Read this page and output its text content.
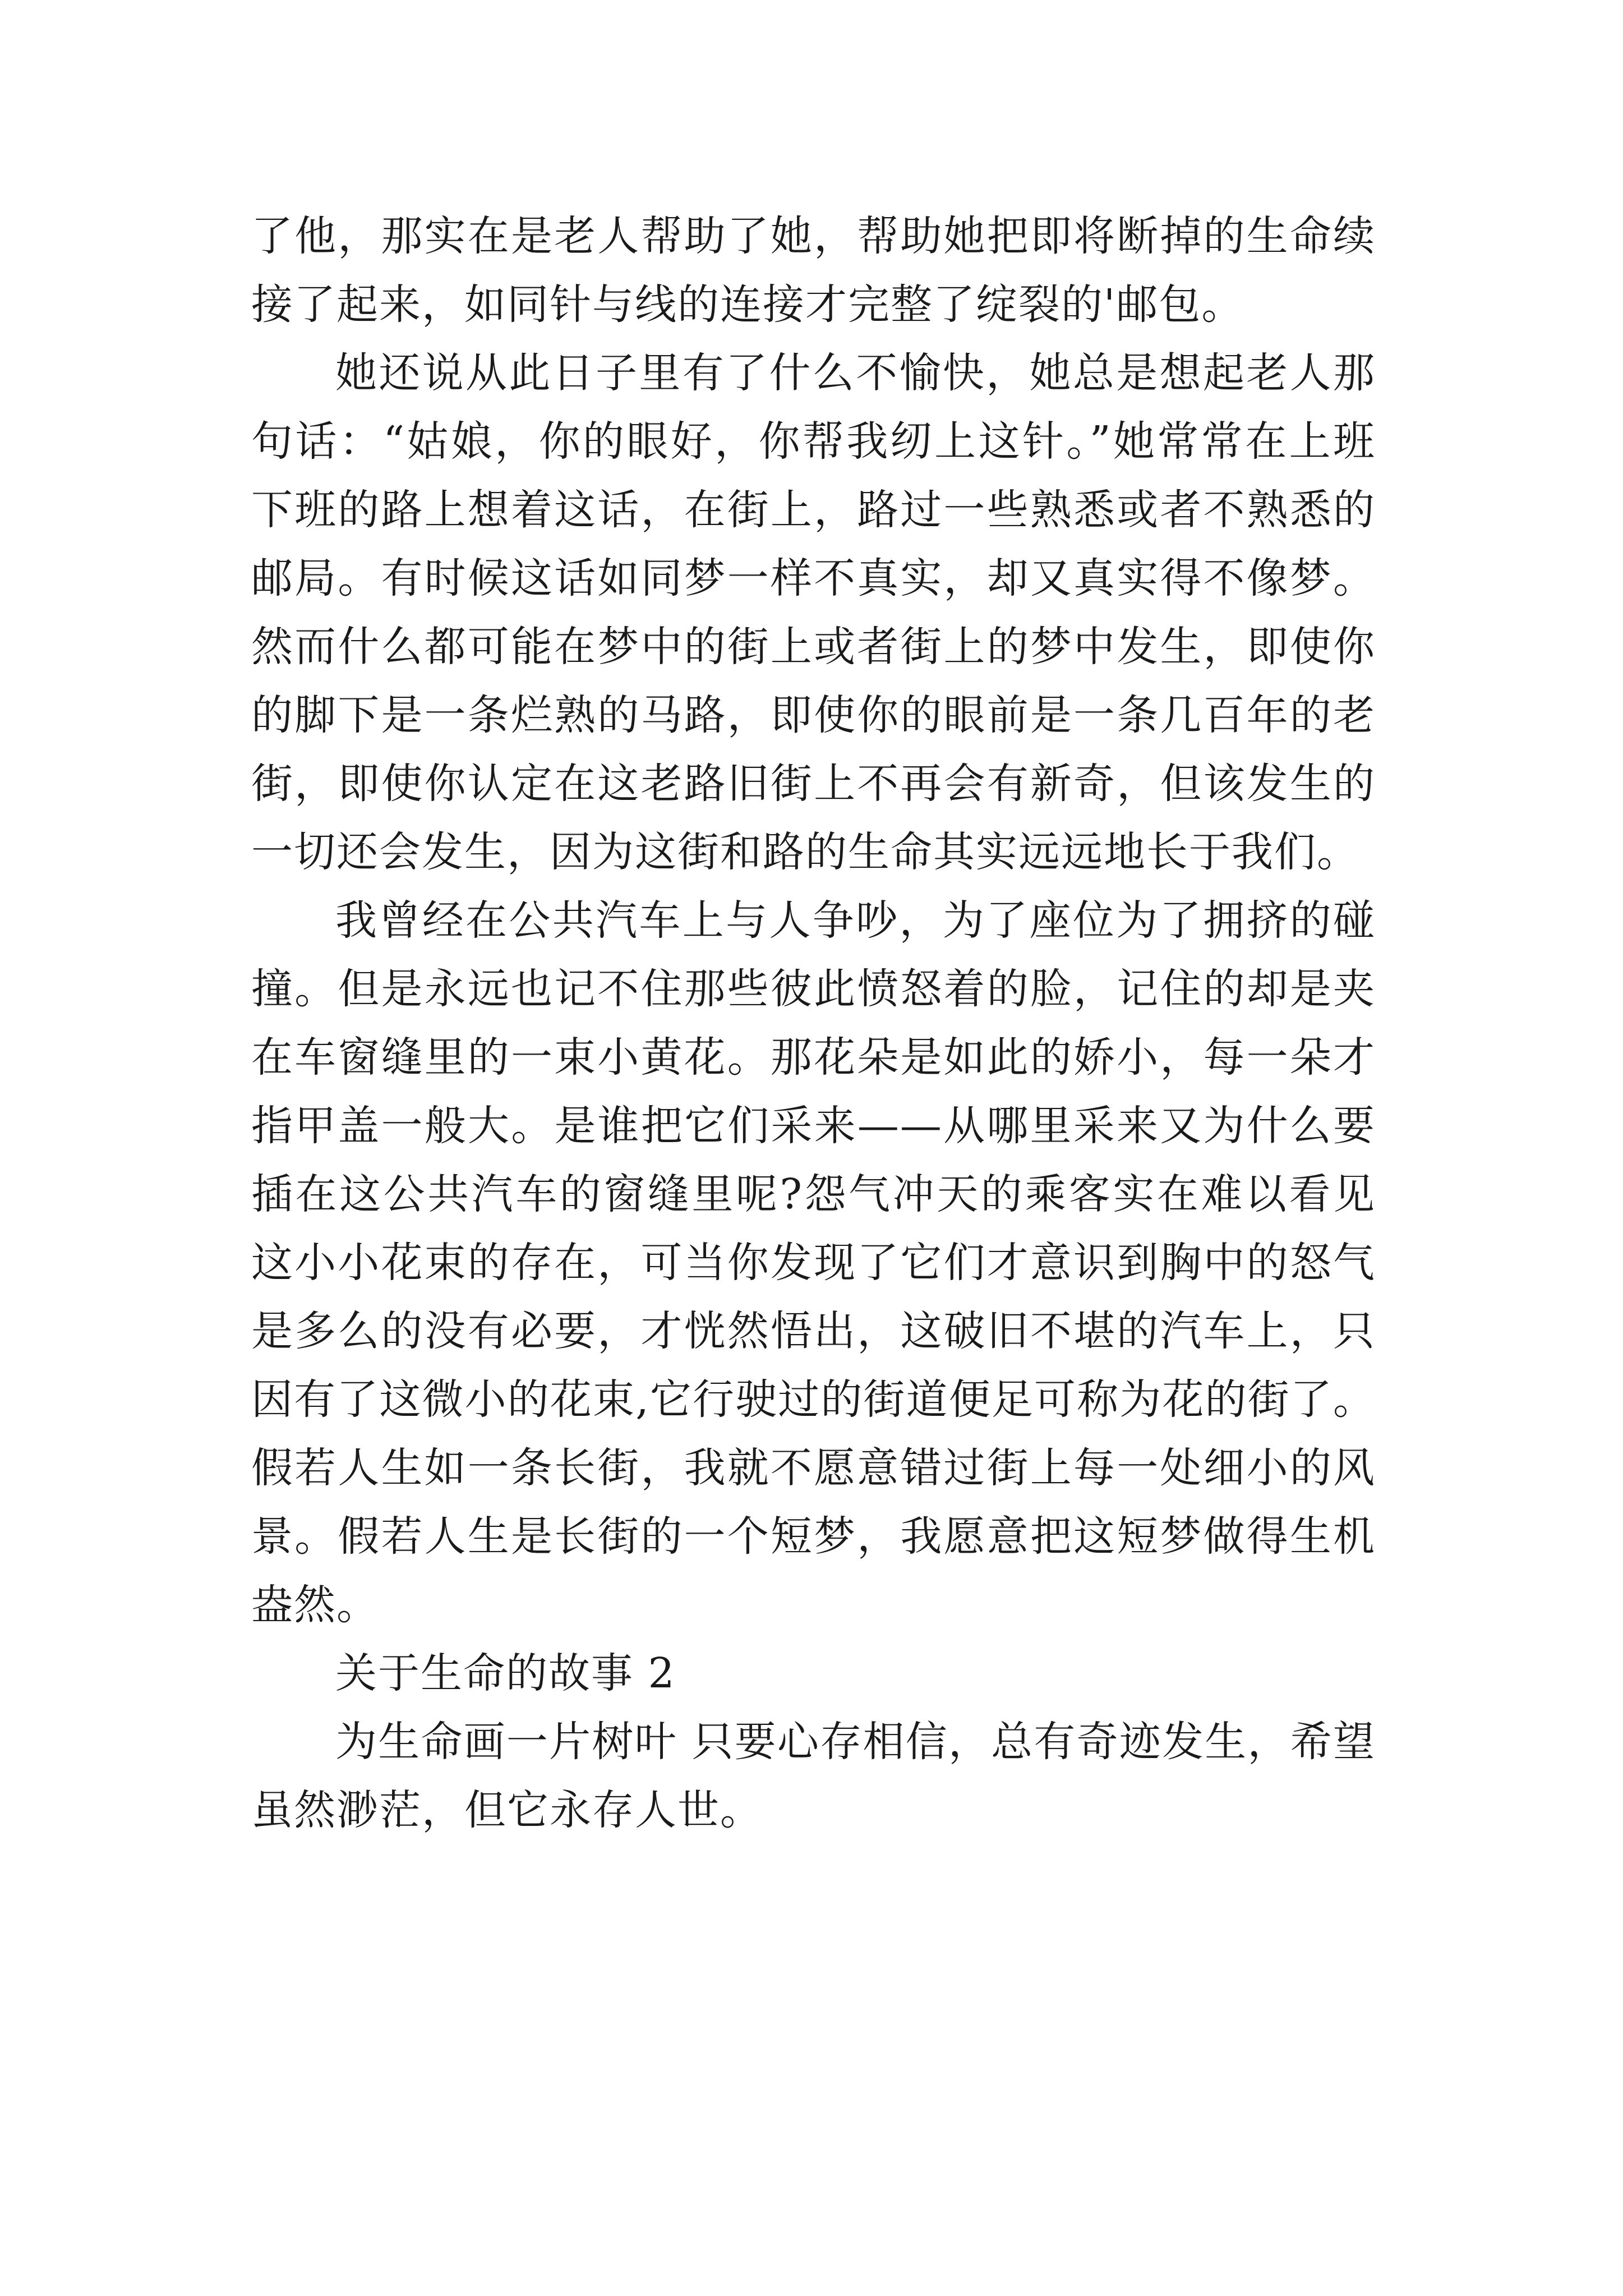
了他，那实在是老人帮助了她，帮助她把即将断掉的生命续接了起来，如同针与线的连接才完整了绽裂的'邮包。

她还说从此日子里有了什么不愉快，她总是想起老人那句话：“姑娘，你的眼好，你帮我纫上这针。”她常常在上班下班的路上想着这话，在街上，路过一些熟悉或者不熟悉的邮局。有时候这话如同梦一样不真实，却又真实得不像梦。然而什么都可能在梦中的街上或者街上的梦中发生，即使你的脚下是一条烂熟的马路，即使你的眼前是一条几百年的老街，即使你认定在这老路旧街上不再会有新奇，但该发生的一切还会发生，因为这街和路的生命其实远远地长于我们。

我曾经在公共汽车上与人争吵，为了座位为了拥挤的碰撞。但是永远也记不住那些彼此愤怒着的脸，记住的却是夹在车窗缝里的一束小黄花。那花朵是如此的娇小，每一朵才指甲盖一般大。是谁把它们采来——从哪里采来又为什么要插在这公共汽车的窗缝里呢?怨气冲天的乘客实在难以看见这小小花束的存在，可当你发现了它们才意识到胸中的怒气是多么的没有必要，才恍然悟出，这破旧不堪的汽车上，只因有了这微小的花束,它行驶过的街道便足可称为花的街了。假若人生如一条长街，我就不愿意错过街上每一处细小的风景。假若人生是长街的一个短梦，我愿意把这短梦做得生机盎然。

关于生命的故事 2

为生命画一片树叶 只要心存相信，总有奇迹发生，希望虽然渺茫，但它永存人世。
